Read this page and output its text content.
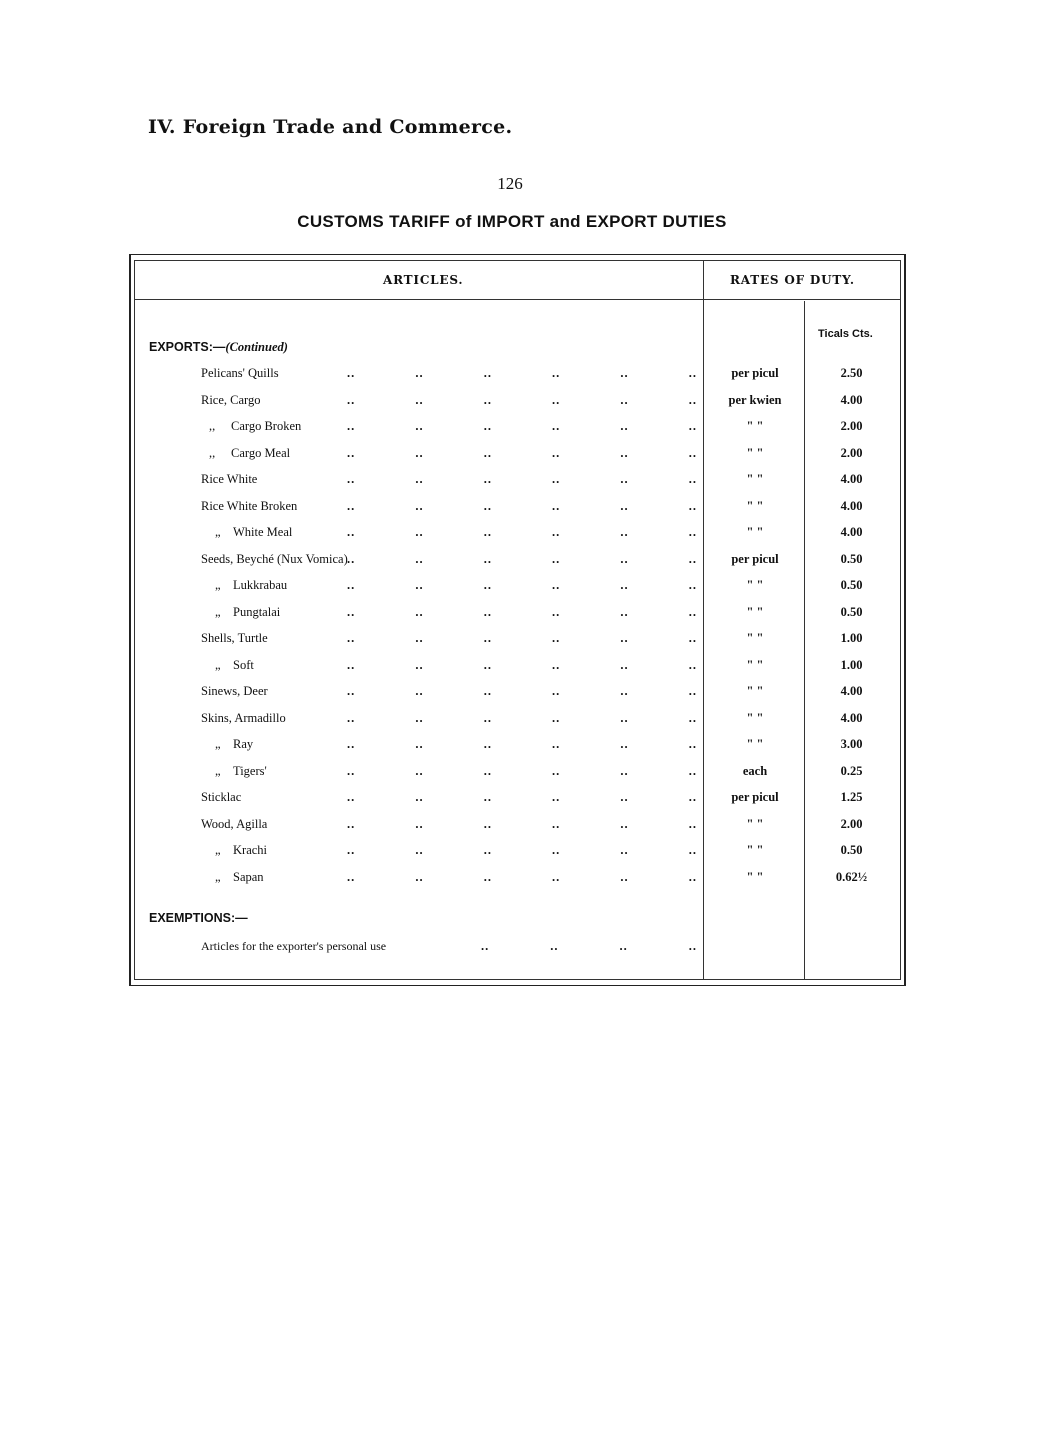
IV. Foreign Trade and Commerce.
126
CUSTOMS TARIFF of IMPORT and EXPORT DUTIES
ARTICLES.	RATES OF DUTY.
Ticals Cts.
EXPORTS:—(Continued)
Pelicans' Quills	..	..	..	..	..	..	per picul	2.50
Rice, Cargo	..	..	..	..	..	..	per kwien	4.00
,, Cargo Broken	..	..	..	..	..	..	" "	2.00
,, Cargo Meal	..	..	..	..	..	..	" "	2.00
Rice White	..	..	..	..	..	..	" "	4.00
Rice White Broken	..	..	..	..	..	..	" "	4.00
„ White Meal	..	..	..	..	..	..	" "	4.00
Seeds, Beyché (Nux Vomica) ..	..	..	..	..	..	per picul	0.50
„ Lukkrabau	..	..	..	..	..	..	" "	0.50
„ Pungtalai	..	..	..	..	..	..	" "	0.50
Shells, Turtle	..	..	..	..	..	..	" "	1.00
„ Soft	..	..	..	..	..	..	" "	1.00
Sinews, Deer	..	..	..	..	..	..	" "	4.00
Skins, Armadillo	..	..	..	..	..	..	" "	4.00
„ Ray	..	..	..	..	..	..	" "	3.00
„ Tigers'	..	..	..	..	..	..	each	0.25
Sticklac	..	..	..	..	..	..	per picul	1.25
Wood, Agilla	..	..	..	..	..	..	" "	2.00
„ Krachi	..	..	..	..	..	..	" "	0.50
„ Sapan	..	..	..	..	..	..	" "	0.62½
EXEMPTIONS:—
Articles for the exporter's personal use	..	..	..	..
